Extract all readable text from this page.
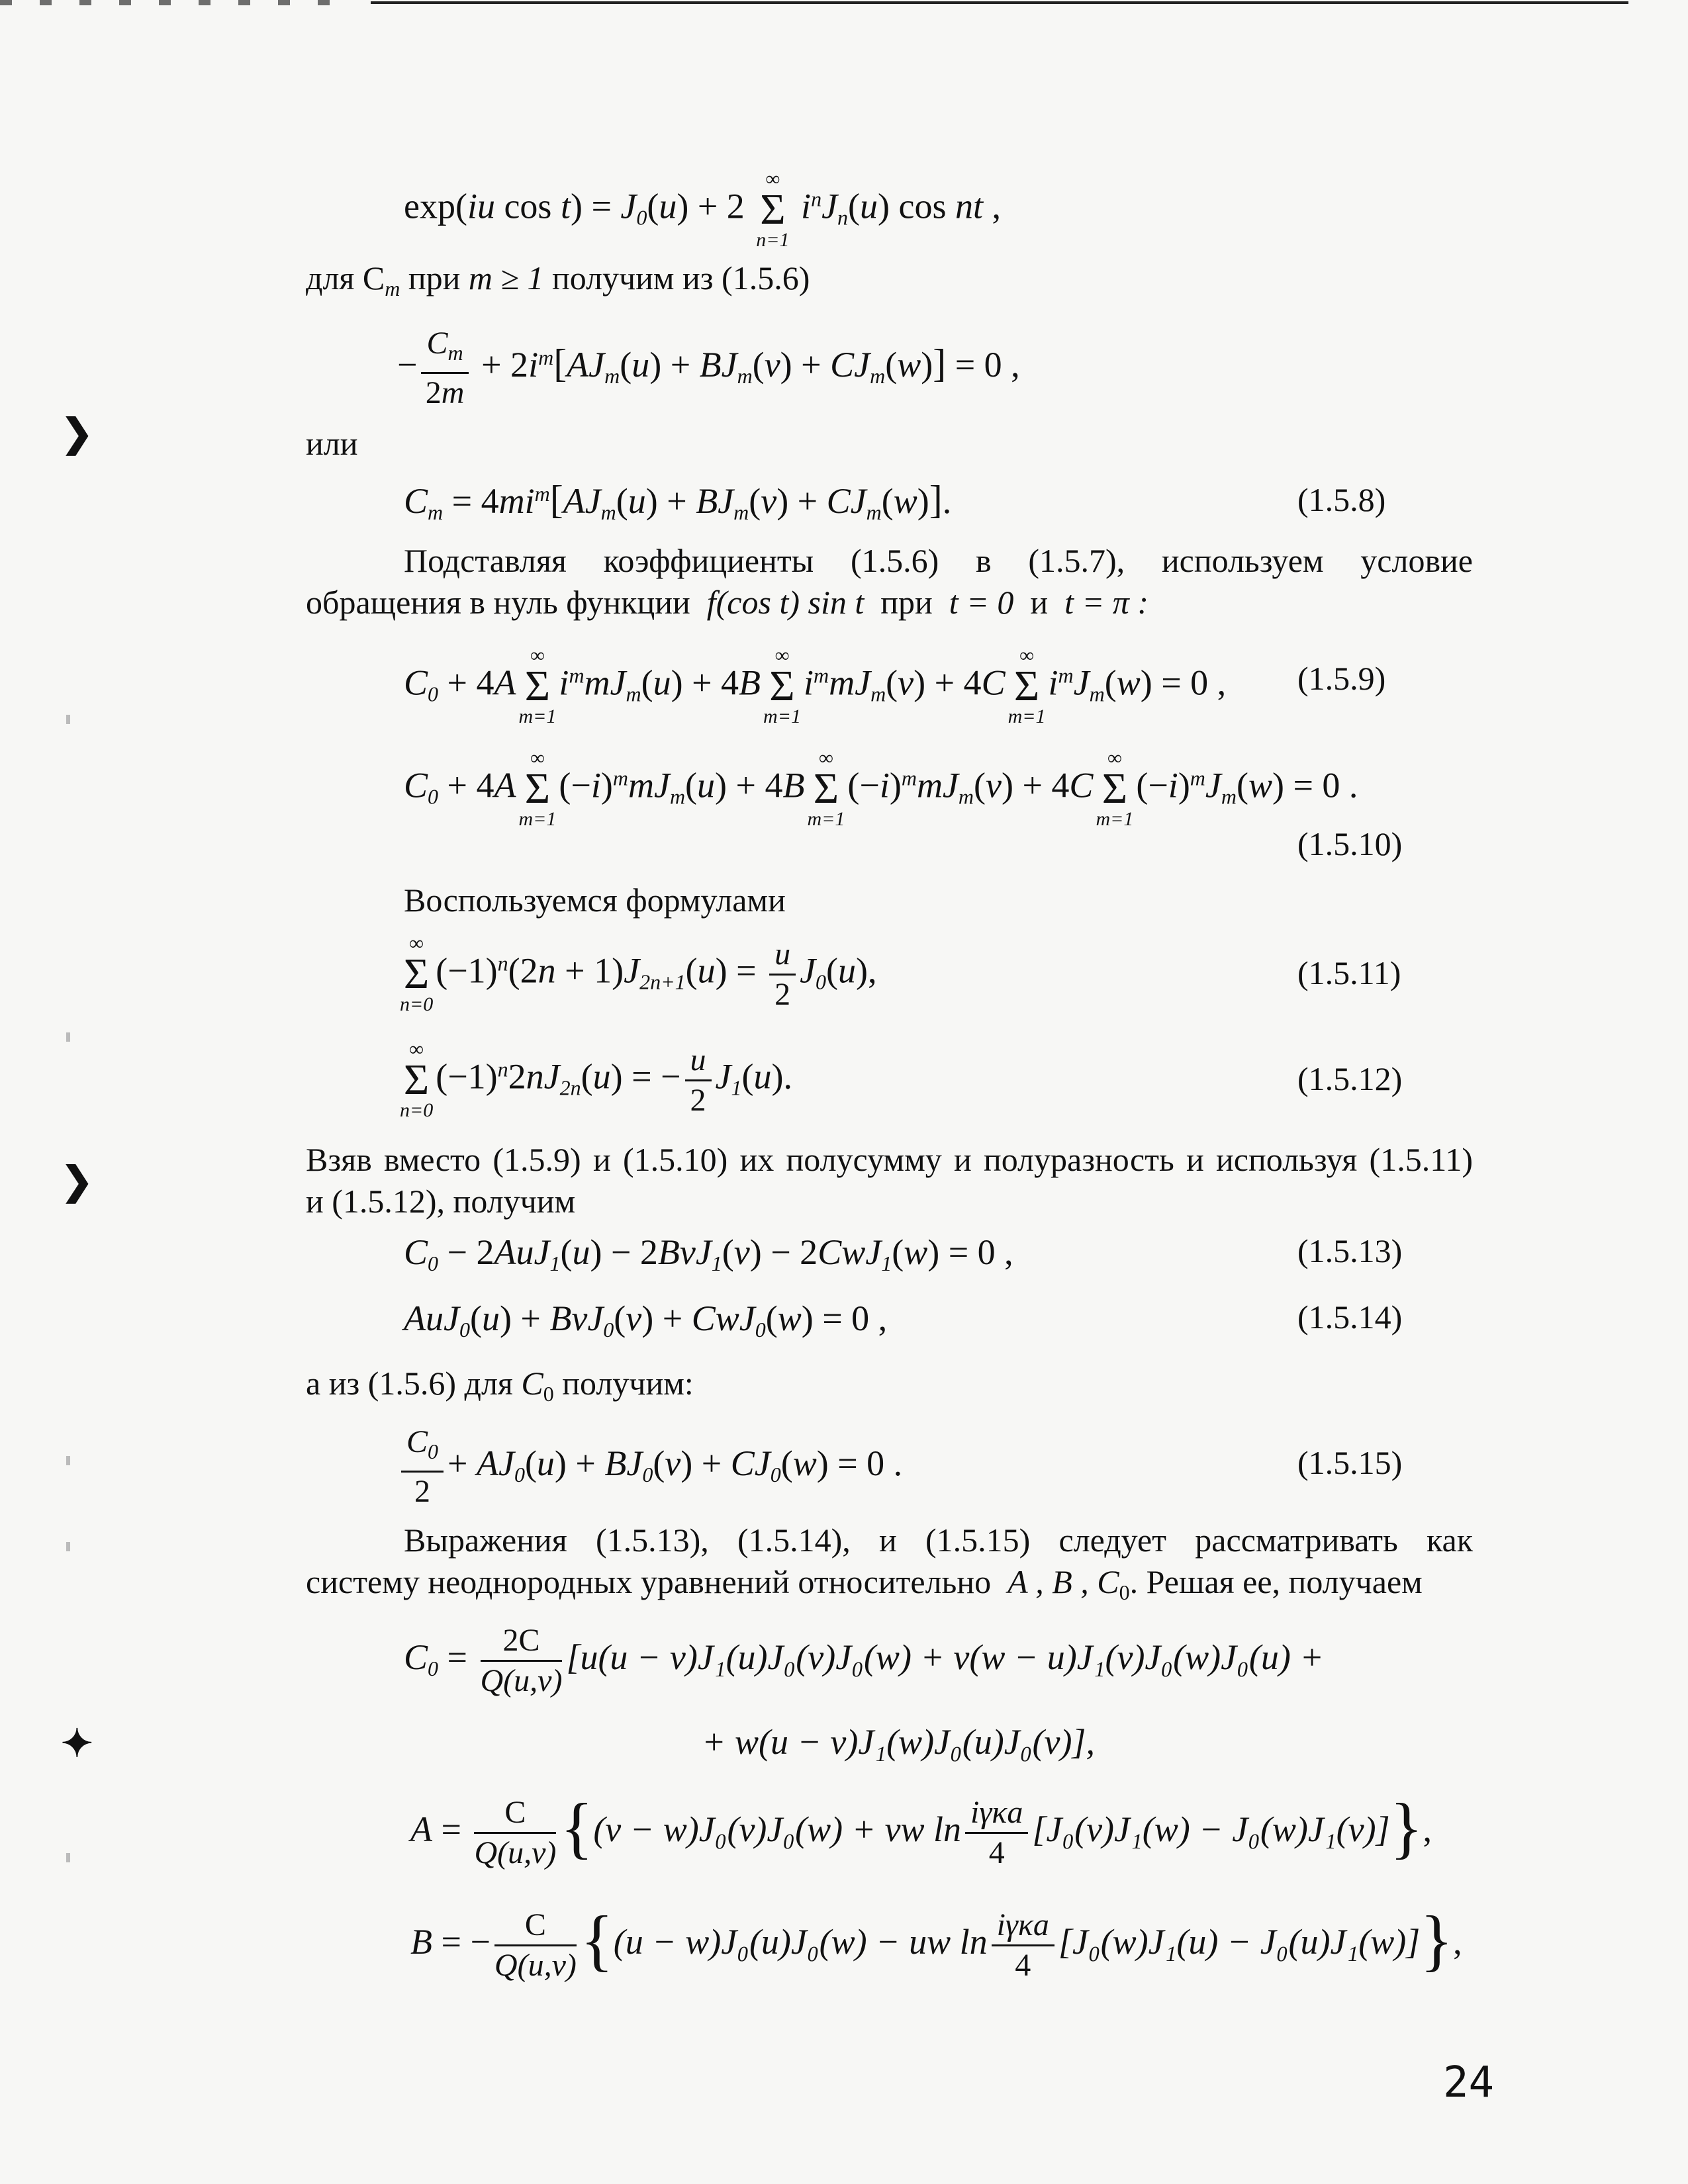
❯
❯
✦
exp(iu $\cos t) = J_0(u) + 2$
∞
Σ
n=1
$i^nJ_n(u)$ cos nt ,
для $C_m$ при m ≥ 1 получим из (1.5.6)
− $\frac{C_m}{2m} + 2i^m[AJ_m(u) + BJ_m(v) + CJ_m(w)] = 0$ ,
или
$C_m = 4mi^m[AJ_m(u) + BJ_m(v) + CJ_m(w)]$.	(1.5.8)
Подставляя коэффициенты (1.5.6) в (1.5.7), используем условие
обращения в нуль функции f(cos t) sin t при t = 0 и t = π :
$C_0 + 4A$
∞
Σ
m=1
$i^mmJ_m(u) + 4B$
∞
Σ
m=1
$i^mmJ_m(v) + 4C$
∞
Σ
m=1
$i^mJ_m(w) = 0$ , (1.5.9)
$C_0 + 4A$
∞
Σ
m=1
$(-i)^mmJ_m(u) + 4B$
∞
Σ
m=1
$(-i)^mmJ_m(v) + 4C$
∞
Σ
m=1
$(-i)^mJ_m(w) = 0$ .
(1.5.10)
Воспользуемся формулами
∞
Σ
n=0
$(-1)^n(2n + 1)J_{2n+1}(u) = \frac{u}{2} J_0(u)$,	(1.5.11)
∞
Σ
n=0
$(-1)^n2nJ_{2n}(u)$ = − $\frac{u}{2} J_1(u)$.	(1.5.12)
Взяв вместо (1.5.9) и (1.5.10) их полусумму и полуразность и используя (1.5.11)
и (1.5.12), получим
$C_0 - 2AuJ_1(u) - 2BvJ_1(v) - 2CwJ_1(w) = 0$ ,	(1.5.13)
AuJ$_0$(u) + BvJ$_0$(v) + CwJ$_0$(w) = 0 ,	(1.5.14)
а из (1.5.6) для $C_0$ получим:
$\frac{C_0}{2} + AJ_0(u) + BJ_0(v) + CJ_0(w) = 0$ .	(1.5.15)
Выражения (1.5.13), (1.5.14), и (1.5.15) следует рассматривать как
систему неоднородных уравнений относительно A , B , $C_0$. Решая ее, получаем
$C_0 = \frac{2C}{Q(u,v)} [u(u - v)J_1(u)J_0(v)J_0(w) + v(w - u)J_1(v)J_0(w)J_0(u)$ +
+ w(u − v)J₁(w)J₀(u)J₀(v)],
$A = \frac{C}{Q(u,v)} \{(v - w)J_0(v)J_0(w)$ + vw $\ln \frac{\text{iγκa}}{4} [J_0(v)J_1(w) - J_0(w)J_1(v)]$},
B = − $\frac{C}{Q(u,v)} \{(u - w)J_0(u)J_0(w)$ − uw $\ln \frac{\text{iγκa}}{4} [J_0(w)J_1(u) - J_0(u)J_1(w)]$},
24
